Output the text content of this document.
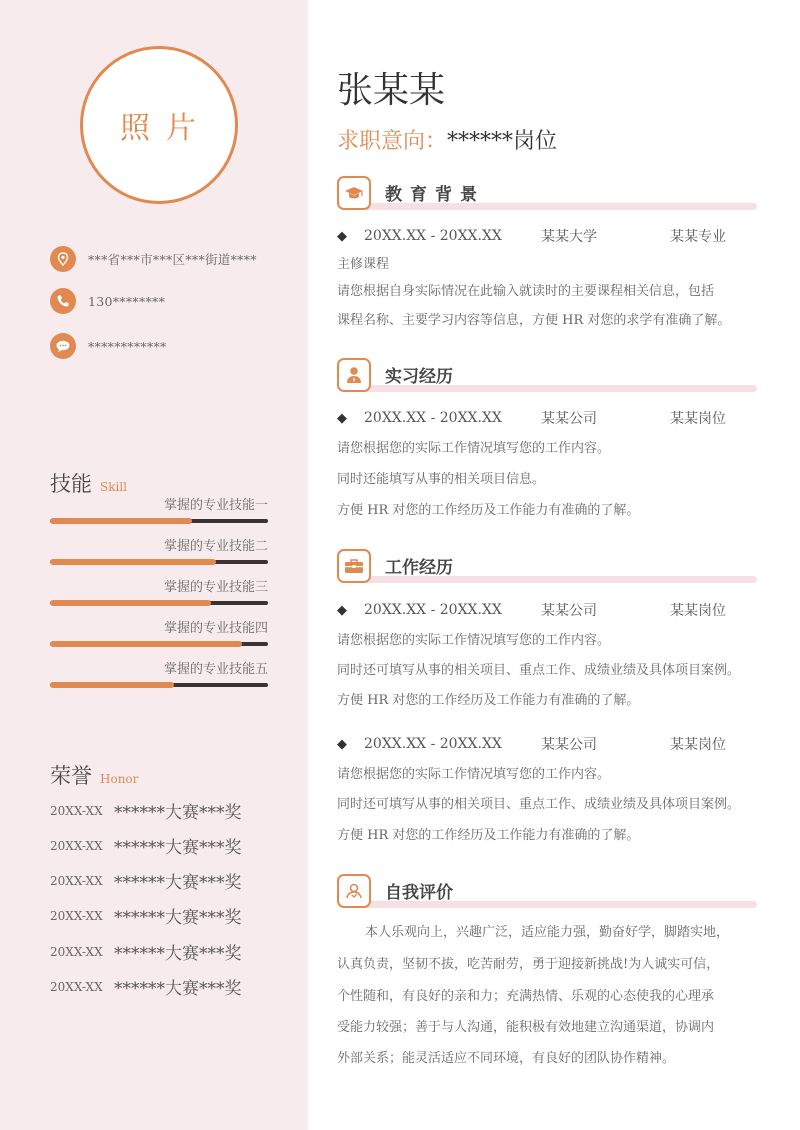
照片
***省***市***区***街道****
130********
************
技能 Skill
掌握的专业技能一
掌握的专业技能二
掌握的专业技能三
掌握的专业技能四
掌握的专业技能五
荣誉 Honor
20XX-XX ******大赛***奖
20XX-XX ******大赛***奖
20XX-XX ******大赛***奖
20XX-XX ******大赛***奖
20XX-XX ******大赛***奖
20XX-XX ******大赛***奖
张某某
求职意向：******岗位
教育背景
◆ 20XX.XX - 20XX.XX	某某大学	某某专业
主修课程
请您根据自身实际情况在此输入就读时的主要课程相关信息，包括
课程名称、主要学习内容等信息，方便 HR 对您的求学有准确了解。
实习经历
◆ 20XX.XX - 20XX.XX	某某公司	某某岗位
请您根据您的实际工作情况填写您的工作内容。
同时还能填写从事的相关项目信息。
方便 HR 对您的工作经历及工作能力有准确的了解。
工作经历
◆ 20XX.XX - 20XX.XX	某某公司	某某岗位
请您根据您的实际工作情况填写您的工作内容。
同时还可填写从事的相关项目、重点工作、成绩业绩及具体项目案例。
方便 HR 对您的工作经历及工作能力有准确的了解。
◆ 20XX.XX - 20XX.XX	某某公司	某某岗位
请您根据您的实际工作情况填写您的工作内容。
同时还可填写从事的相关项目、重点工作、成绩业绩及具体项目案例。
方便 HR 对您的工作经历及工作能力有准确的了解。
自我评价
本人乐观向上，兴趣广泛，适应能力强，勤奋好学，脚踏实地，
认真负责，坚韧不拔，吃苦耐劳，勇于迎接新挑战!为人诚实可信，
个性随和，有良好的亲和力；充满热情、乐观的心态使我的心理承
受能力较强；善于与人沟通，能积极有效地建立沟通渠道，协调内
外部关系；能灵活适应不同环境，有良好的团队协作精神。
